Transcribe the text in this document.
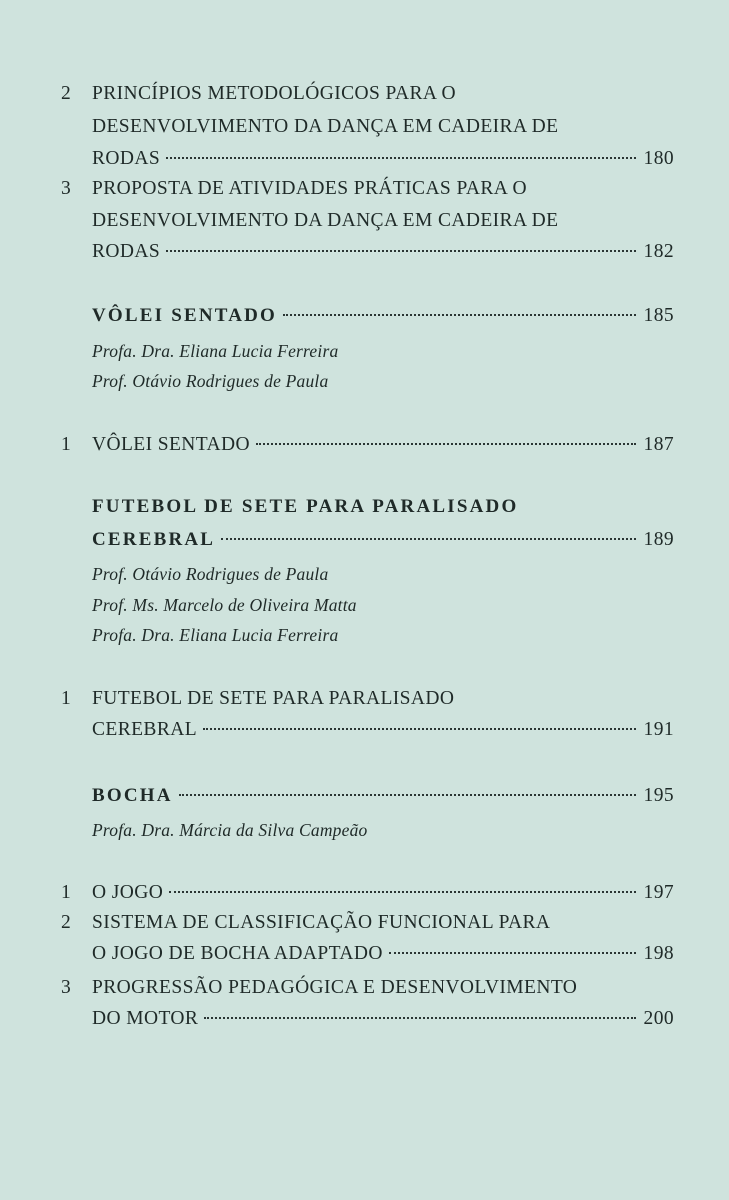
2 PRINCÍPIOS METODOLÓGICOS PARA O
DESENVOLVIMENTO DA DANÇA EM CADEIRA DE
RODAS	180
3 PROPOSTA DE ATIVIDADES PRÁTICAS PARA O
DESENVOLVIMENTO DA DANÇA EM CADEIRA DE
RODAS	182
VÔLEI SENTADO	185
Profa. Dra. Eliana Lucia Ferreira
Prof. Otávio Rodrigues de Paula
1 VÔLEI SENTADO	187
FUTEBOL DE SETE PARA PARALISADO
CEREBRAL	189
Prof. Otávio Rodrigues de Paula
Prof. Ms. Marcelo de Oliveira Matta
Profa. Dra. Eliana Lucia Ferreira
1 FUTEBOL DE SETE PARA PARALISADO
CEREBRAL	191
BOCHA	195
Profa. Dra. Márcia da Silva Campeão
1 O JOGO	197
2 SISTEMA DE CLASSIFICAÇÃO FUNCIONAL PARA
O JOGO DE BOCHA ADAPTADO	198
3 PROGRESSÃO PEDAGÓGICA E DESENVOLVIMENTO
DO MOTOR	200
